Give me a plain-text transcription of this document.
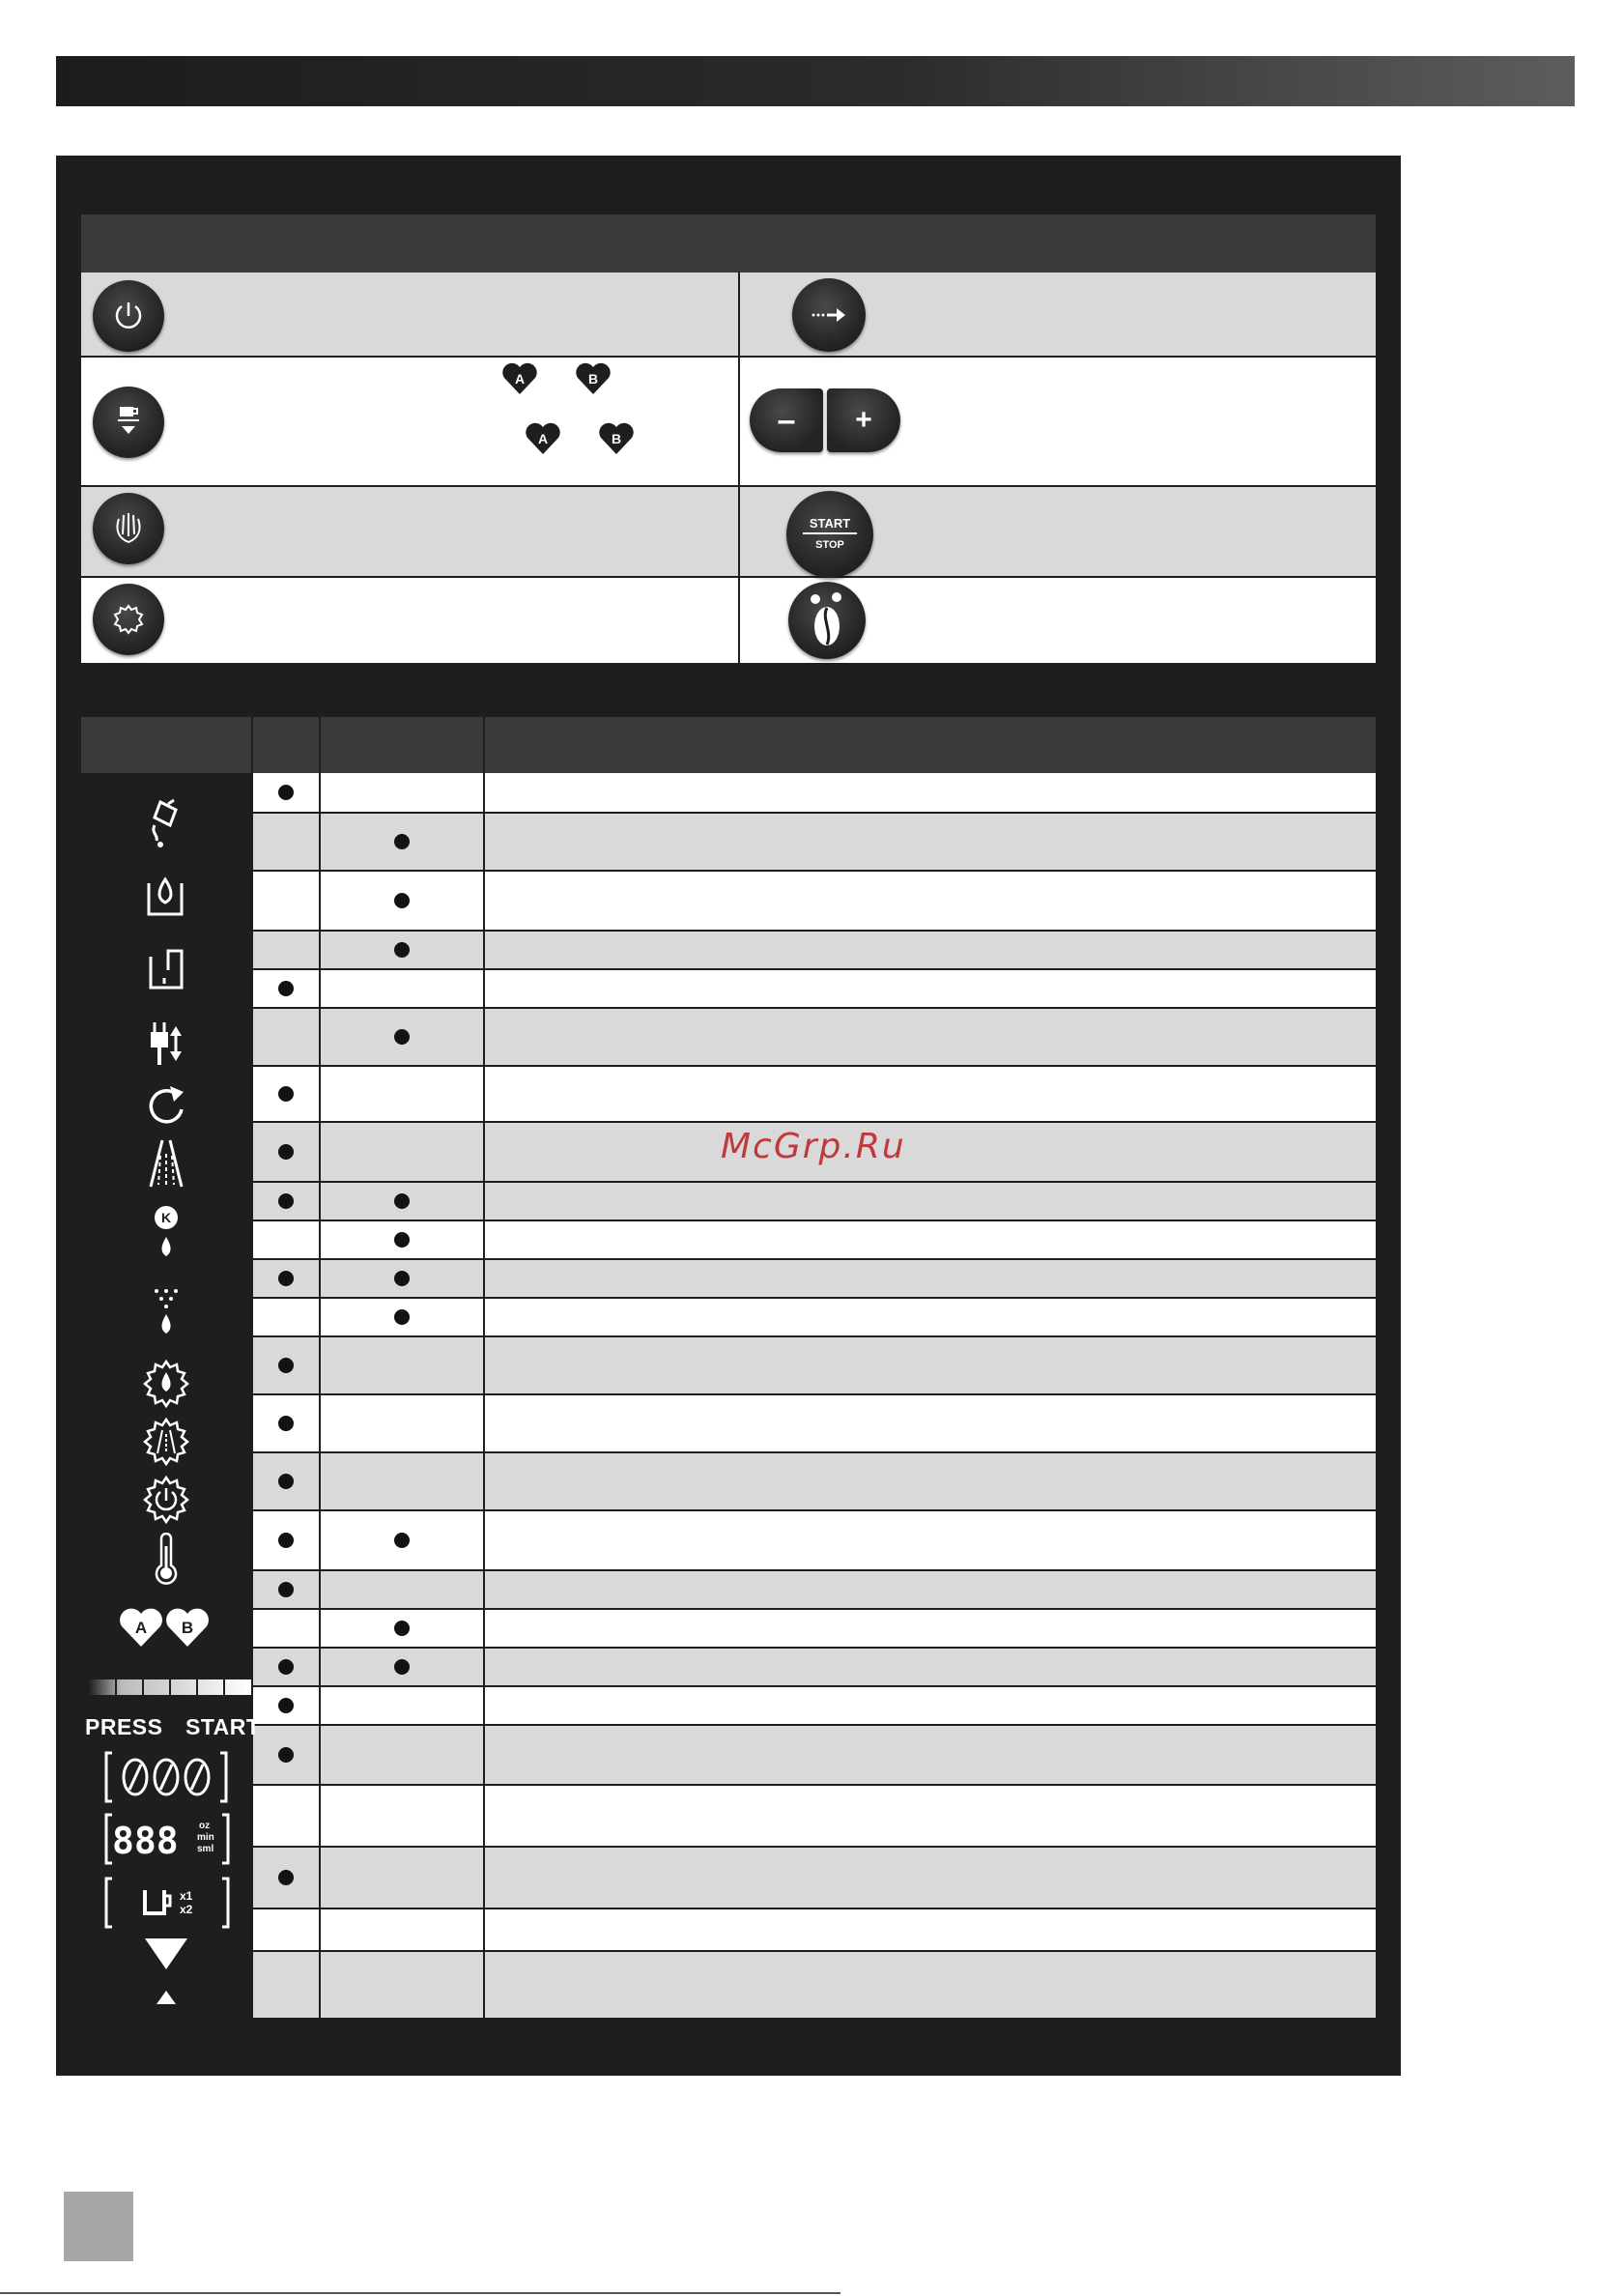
A	B
A	B
– +
START
STOP
K
A B
PRESS START
888 oz
min
sml
x1
x2
McGrp.Ru
